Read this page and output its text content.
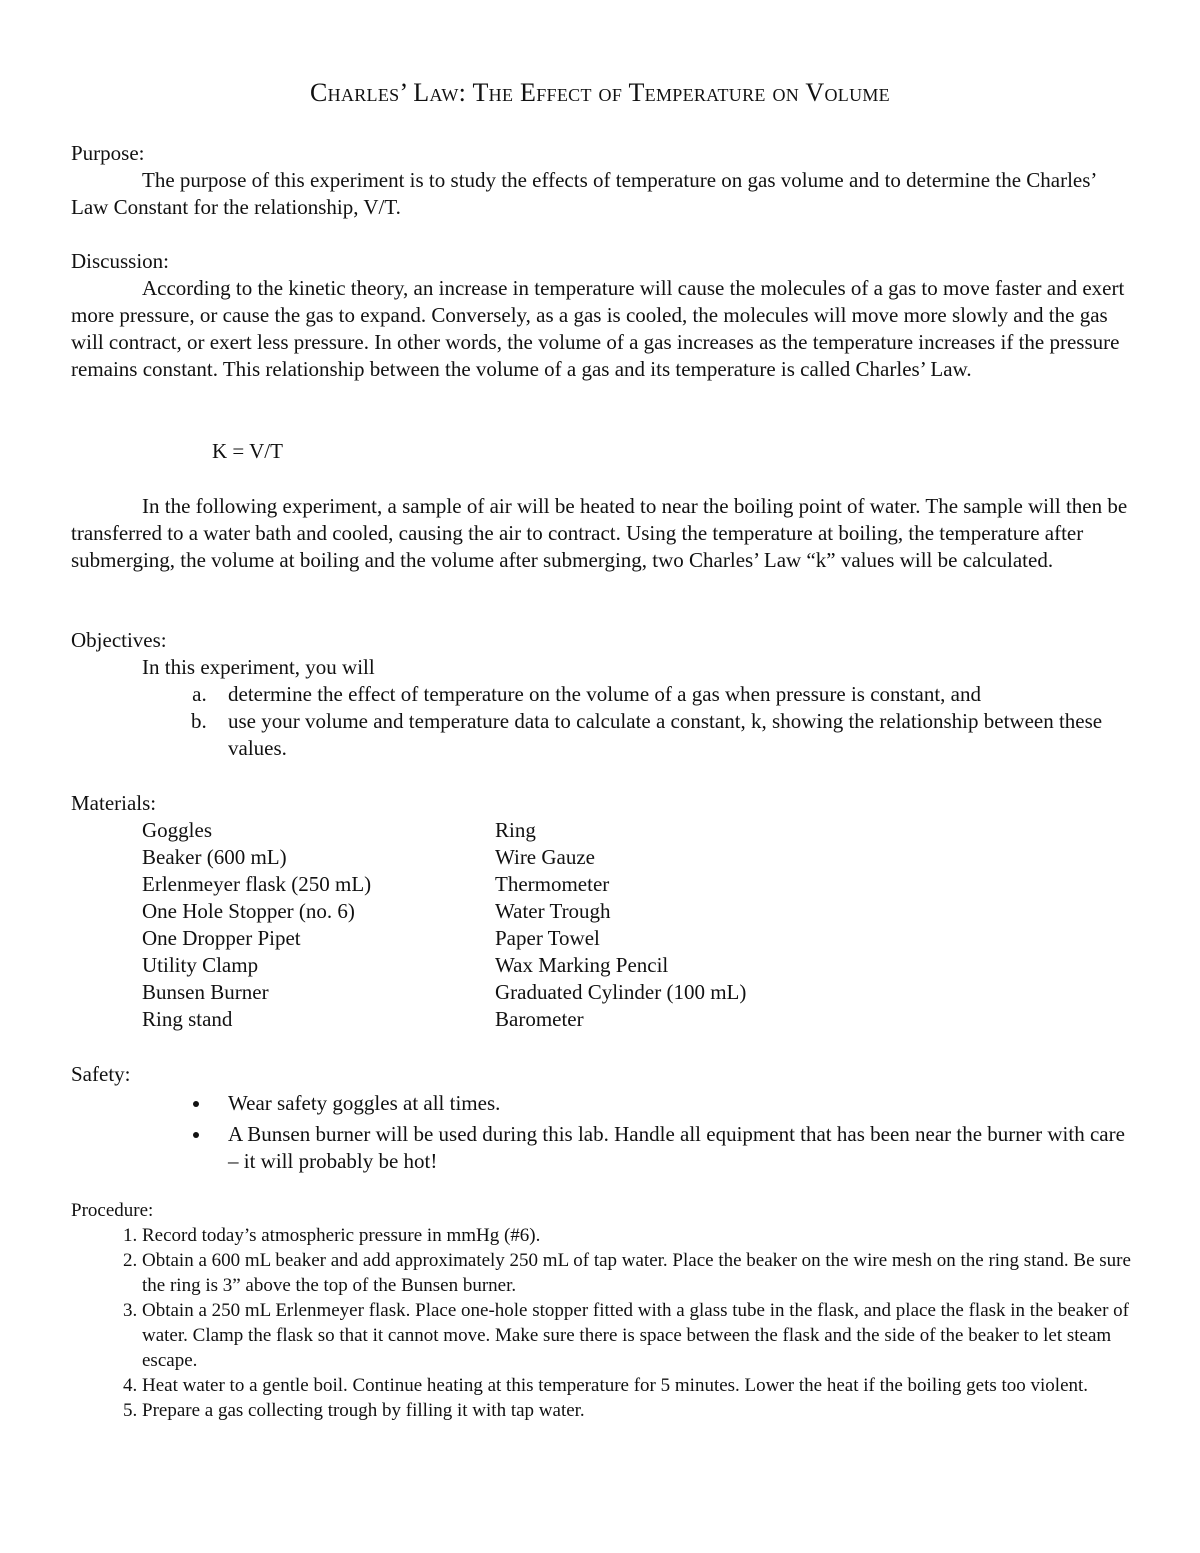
Charles’ Law: The Effect of Temperature on Volume
Purpose:

The purpose of this experiment is to study the effects of temperature on gas volume and to determine the Charles’ Law Constant for the relationship, V/T.

Discussion:

According to the kinetic theory, an increase in temperature will cause the molecules of a gas to move faster and exert more pressure, or cause the gas to expand. Conversely, as a gas is cooled, the molecules will move more slowly and the gas will contract, or exert less pressure. In other words, the volume of a gas increases as the temperature increases if the pressure remains constant. This relationship between the volume of a gas and its temperature is called Charles’ Law.

K = V/T

In the following experiment, a sample of air will be heated to near the boiling point of water. The sample will then be transferred to a water bath and cooled, causing the air to contract. Using the temperature at boiling, the temperature after submerging, the volume at boiling and the volume after submerging, two Charles’ Law “k” values will be calculated.

Objectives:
In this experiment, you will
a. determine the effect of temperature on the volume of a gas when pressure is constant, and
b. use your volume and temperature data to calculate a constant, k, showing the relationship between these values.
Materials:
Goggles	Ring
Beaker (600 mL)	Wire Gauze
Erlenmeyer flask (250 mL)	Thermometer
One Hole Stopper (no. 6)	Water Trough
One Dropper Pipet	Paper Towel
Utility Clamp	Wax Marking Pencil
Bunsen Burner	Graduated Cylinder (100 mL)
Ring stand	Barometer
Safety:
• Wear safety goggles at all times.
• A Bunsen burner will be used during this lab. Handle all equipment that has been near the burner with care – it will probably be hot!
Procedure:
1. Record today’s atmospheric pressure in mmHg (#6).
2. Obtain a 600 mL beaker and add approximately 250 mL of tap water. Place the beaker on the wire mesh on the ring stand. Be sure the ring is 3” above the top of the Bunsen burner.
3. Obtain a 250 mL Erlenmeyer flask. Place one-hole stopper fitted with a glass tube in the flask, and place the flask in the beaker of water. Clamp the flask so that it cannot move. Make sure there is space between the flask and the side of the beaker to let steam escape.
4. Heat water to a gentle boil. Continue heating at this temperature for 5 minutes. Lower the heat if the boiling gets too violent.
5. Prepare a gas collecting trough by filling it with tap water.
